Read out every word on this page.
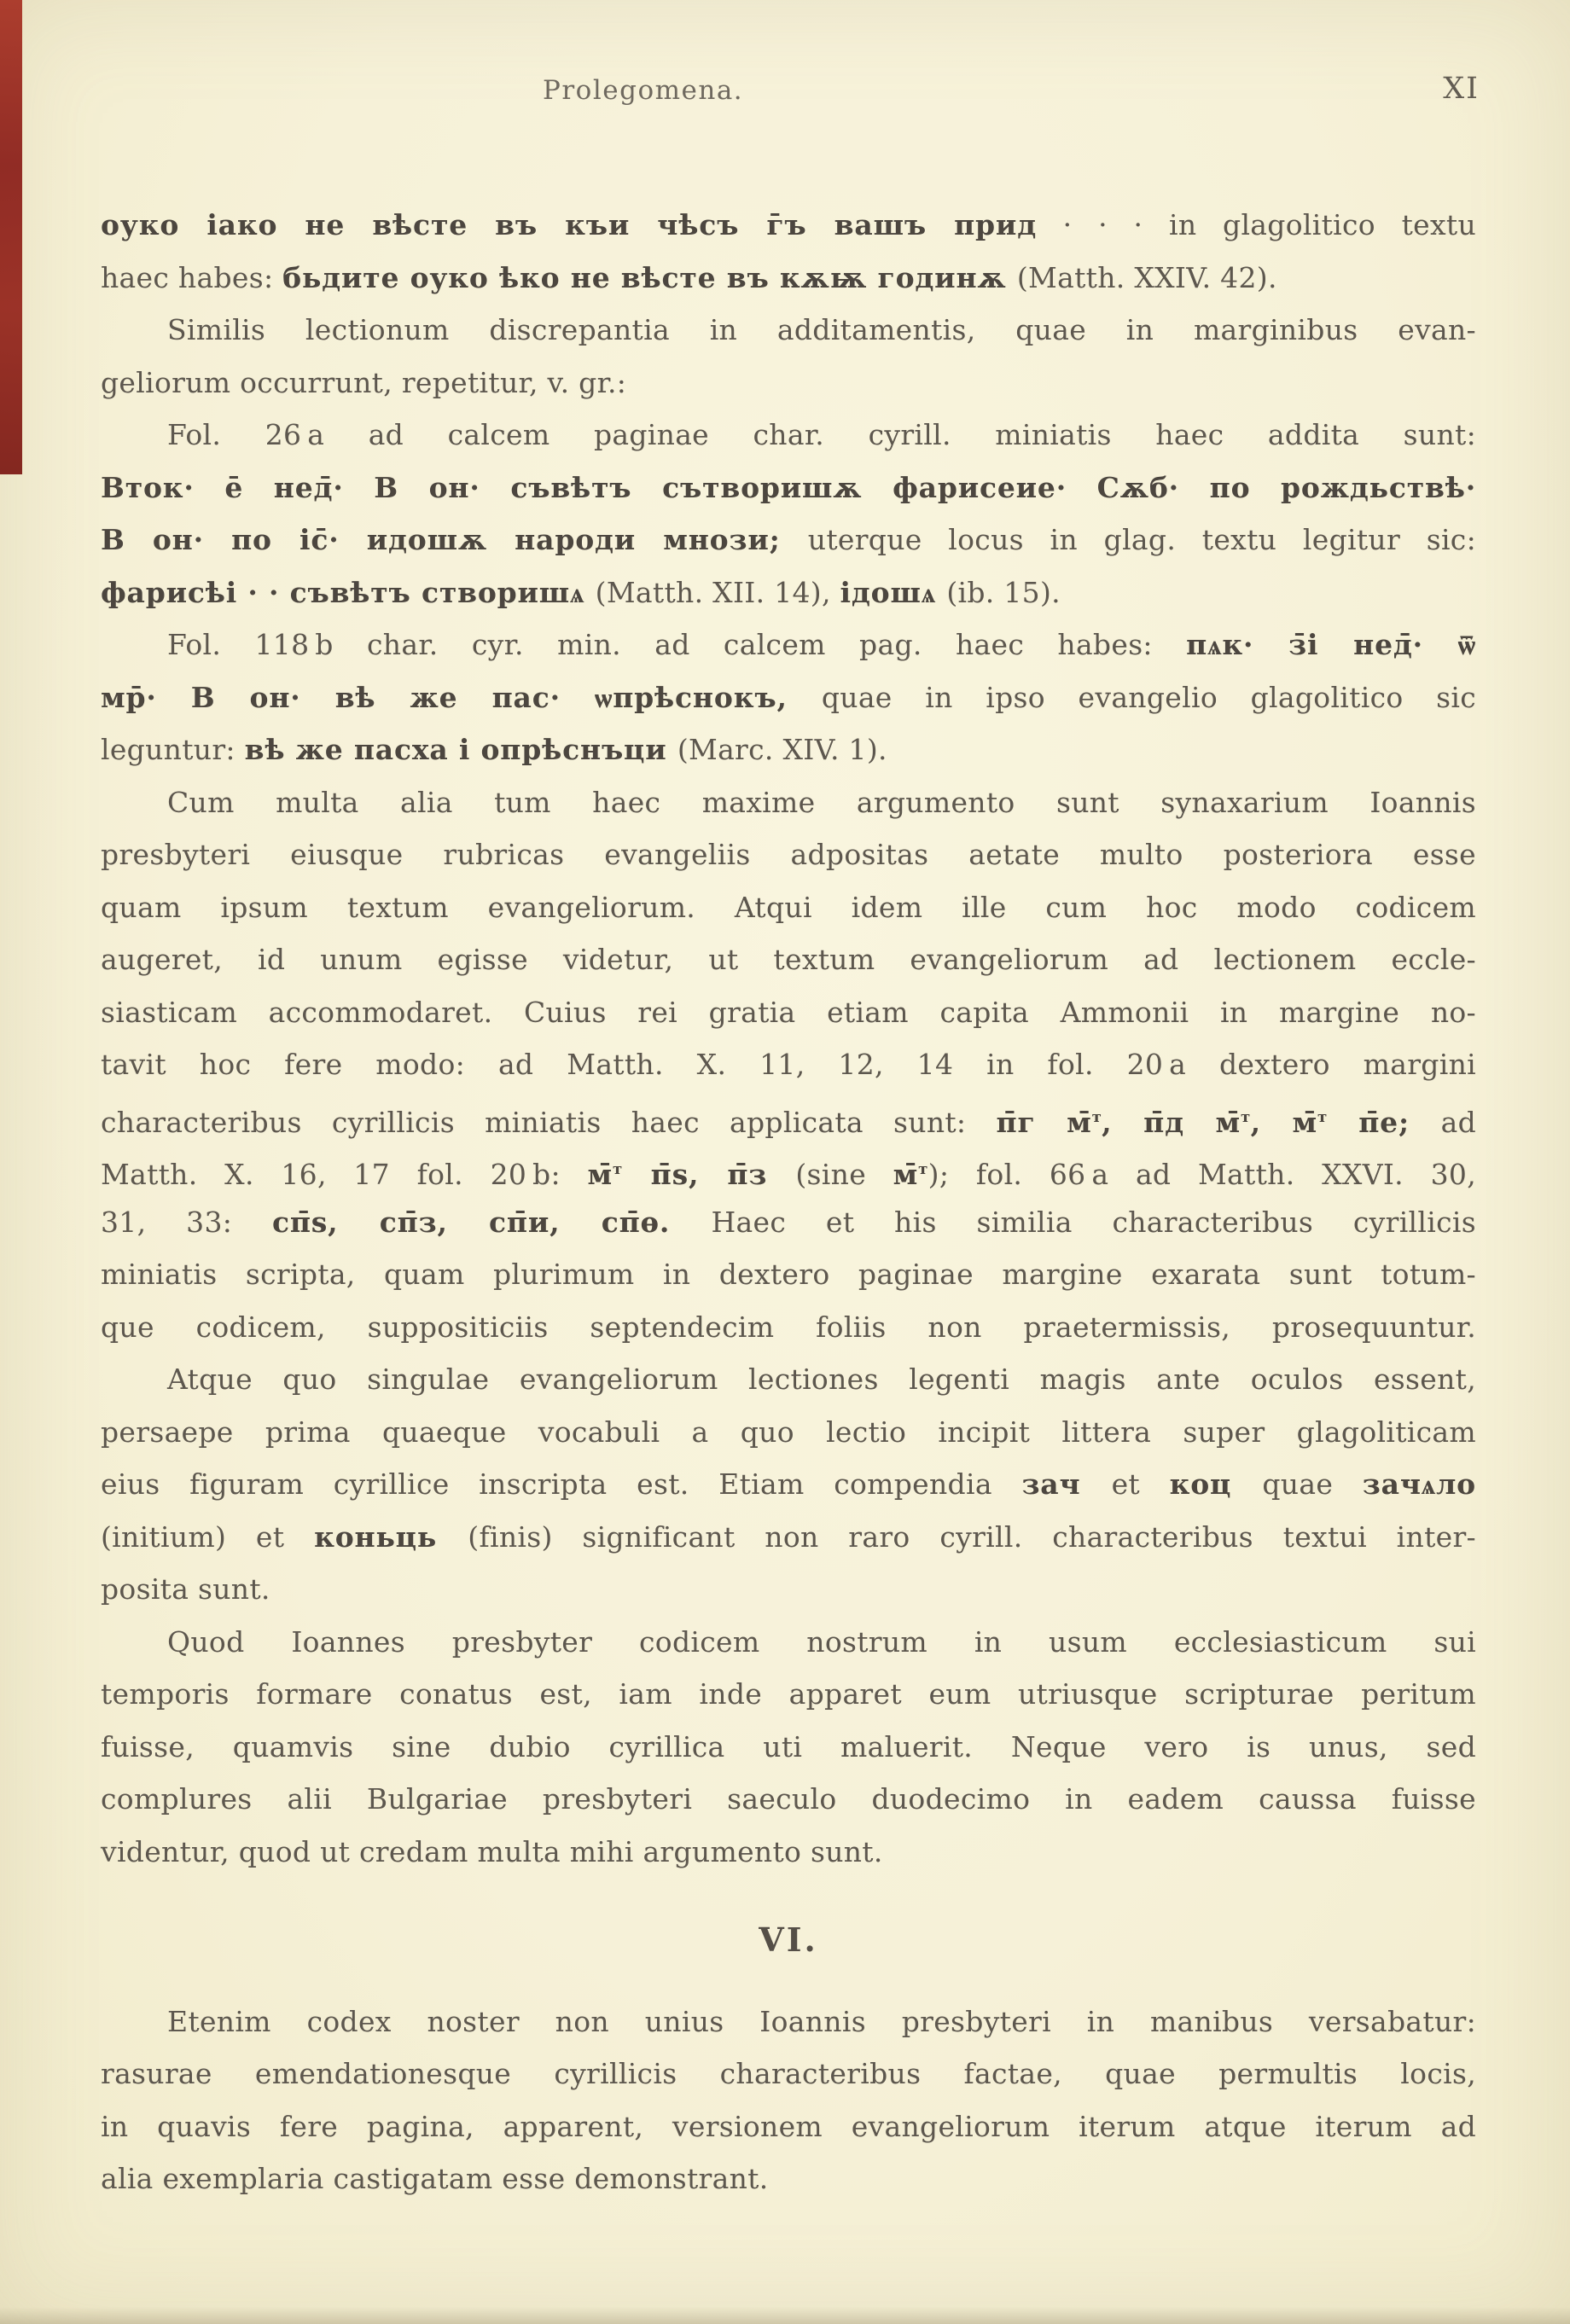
Prolegomena.	XI
оуко іако не вѣсте въ къи чѣсъ г̄ъ вашъ прид · · · in glagolitico textu
haec habes: бьдите оуко ѣко не вѣсте въ кѫѭ годинѫ (Matth. XXIV. 42).
Similis lectionum discrepantia in additamentis, quae in marginibus evan-
geliorum occurrunt, repetitur, v. gr.:
Fol. 26 a ad calcem paginae char. cyrill. miniatis haec addita sunt:
Вток· е̄ нед̄· В он· съвѣтъ сътворишѫ фарисеие· Сѫб· по рождьствѣ·
В он· по іс̄· идошѫ народи мнози; uterque locus in glag. textu legitur sic:
фарисѣі · · съвѣтъ створишѧ (Matth. XII. 14), ідошѧ (ib. 15).
Fol. 118 b char. cyr. min. ad calcem pag. haec habes: пѧк· з̄і нед̄· ѿ
мр̄· В он· вѣ же пас· ѡпрѣснокъ, quae in ipso evangelio glagolitico sic
leguntur: вѣ же пасха і опрѣснъци (Marc. XIV. 1).
Cum multa alia tum haec maxime argumento sunt synaxarium Ioannis
presbyteri eiusque rubricas evangeliis adpositas aetate multo posteriora esse
quam ipsum textum evangeliorum. Atqui idem ille cum hoc modo codicem
augeret, id unum egisse videtur, ut textum evangeliorum ad lectionem eccle-
siasticam accommodaret. Cuius rei gratia etiam capita Ammonii in margine no-
tavit hoc fere modo: ad Matth. X. 11, 12, 14 in fol. 20 a dextero margini
characteribus cyrillicis miniatis haec applicata sunt: п̄г м̄$^т$, п̄д м̄$^т$, м̄$^т$ п̄е; ad
Matth. X. 16, 17 fol. 20 b: м̄$^т$ п̄ѕ, п̄з (sine м̄$^т$); fol. 66 a ad Matth. XXVI. 30,
31, 33: сп̄ѕ, сп̄з, сп̄и, сп̄ѳ. Haec et his similia characteribus cyrillicis
miniatis scripta, quam plurimum in dextero paginae margine exarata sunt totum-
que codicem, suppositiciis septendecim foliis non praetermissis, prosequuntur.
Atque quo singulae evangeliorum lectiones legenti magis ante oculos essent,
persaepe prima quaeque vocabuli a quo lectio incipit littera super glagoliticam
eius figuram cyrillice inscripta est. Etiam compendia зач et коц quae зачѧло
(initium) et коньць (finis) significant non raro cyrill. characteribus textui inter-
posita sunt.
Quod Ioannes presbyter codicem nostrum in usum ecclesiasticum sui
temporis formare conatus est, iam inde apparet eum utriusque scripturae peritum
fuisse, quamvis sine dubio cyrillica uti maluerit. Neque vero is unus, sed
complures alii Bulgariae presbyteri saeculo duodecimo in eadem caussa fuisse
videntur, quod ut credam multa mihi argumento sunt.
VI.
Etenim codex noster non unius Ioannis presbyteri in manibus versabatur:
rasurae emendationesque cyrillicis characteribus factae, quae permultis locis,
in quavis fere pagina, apparent, versionem evangeliorum iterum atque iterum ad
alia exemplaria castigatam esse demonstrant.
